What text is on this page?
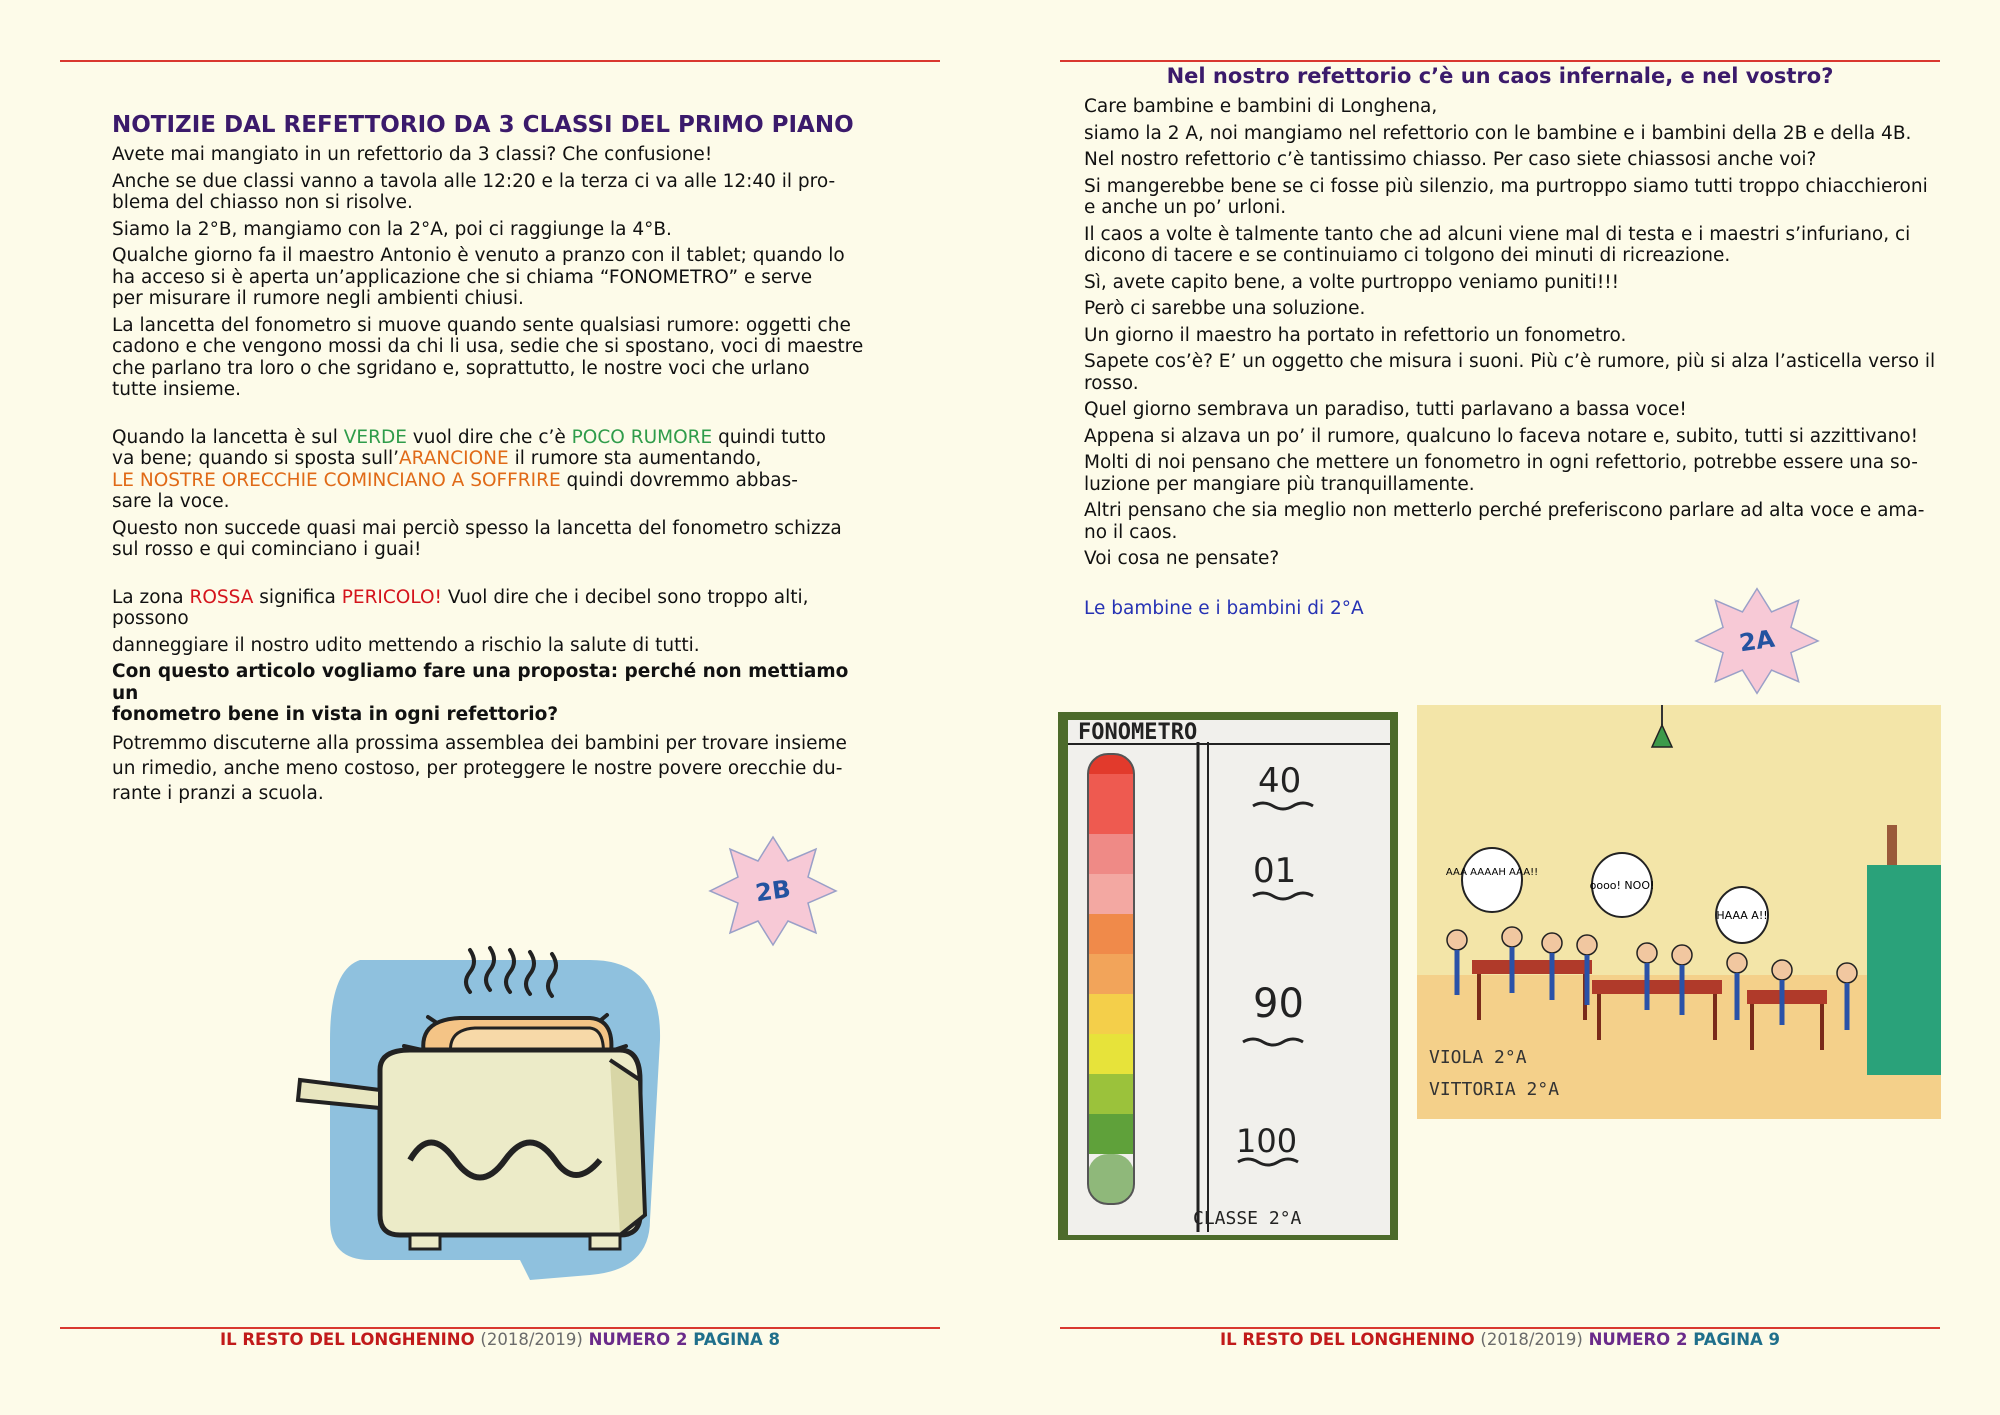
NOTIZIE DAL REFETTORIO DA 3 CLASSI DEL PRIMO PIANO

Avete mai mangiato in un refettorio da 3 classi? Che confusione!

Anche se due classi vanno a tavola alle 12:20 e la terza ci va alle 12:40 il pro-
blema del chiasso non si risolve.

Siamo la 2°B, mangiamo con la 2°A, poi ci raggiunge la 4°B.

Qualche giorno fa il maestro Antonio è venuto a pranzo con il tablet; quando lo
ha acceso si è aperta un’applicazione che si chiama “FONOMETRO” e serve
per misurare il rumore negli ambienti chiusi.

La lancetta del fonometro si muove quando sente qualsiasi rumore: oggetti che
cadono e che vengono mossi da chi li usa, sedie che si spostano, voci di maestre
che parlano tra loro o che sgridano e, soprattutto, le nostre voci che urlano
tutte insieme.

Quando la lancetta è sul VERDE vuol dire che c’è POCO RUMORE quindi tutto
va bene; quando si sposta sull’ARANCIONE il rumore sta aumentando,
LE NOSTRE ORECCHIE COMINCIANO A SOFFRIRE quindi dovremmo abbas-
sare la voce.

Questo non succede quasi mai perciò spesso la lancetta del fonometro schizza
sul rosso e qui cominciano i guai!

La zona ROSSA significa PERICOLO! Vuol dire che i decibel sono troppo alti,
possono

danneggiare il nostro udito mettendo a rischio la salute di tutti.

Con questo articolo vogliamo fare una proposta: perché non mettiamo un
fonometro bene in vista in ogni refettorio?

Potremmo discuterne alla prossima assemblea dei bambini per trovare insieme
un rimedio, anche meno costoso, per proteggere le nostre povere orecchie du-
rante i pranzi a scuola.

2B
Nel nostro refettorio c’è un caos infernale, e nel vostro?

Care bambine e bambini di Longhena,

siamo la 2 A, noi mangiamo nel refettorio con le bambine e i bambini della 2B e della 4B.

Nel nostro refettorio c’è tantissimo chiasso. Per caso siete chiassosi anche voi?

Si mangerebbe bene se ci fosse più silenzio, ma purtroppo siamo tutti troppo chiacchieroni
e anche un po’ urloni.

Il caos a volte è talmente tanto che ad alcuni viene mal di testa e i maestri s’infuriano, ci
dicono di tacere e se continuiamo ci tolgono dei minuti di ricreazione.

Sì, avete capito bene, a volte purtroppo veniamo puniti!!!

Però ci sarebbe una soluzione.

Un giorno il maestro ha portato in refettorio un fonometro.

Sapete cos’è? E’ un oggetto che misura i suoni. Più c’è rumore, più si alza l’asticella verso il
rosso.

Quel giorno sembrava un paradiso, tutti parlavano a bassa voce!

Appena si alzava un po’ il rumore, qualcuno lo faceva notare e, subito, tutti si azzittivano!

Molti di noi pensano che mettere un fonometro in ogni refettorio, potrebbe essere una so-
luzione per mangiare più tranquillamente.

Altri pensano che sia meglio non metterlo perché preferiscono parlare ad alta voce e ama-
no il caos.

Voi cosa ne pensate?

Le bambine e i bambini di 2°A

2A
FONOMETRO
40
01
90
100
CLASSE 2°A
AAA AAAAH AAA!!
oooo! NOO!
HAAA A!!
VIOLA 2°A
VITTORIA 2°A
IL RESTO DEL LONGHENINO (2018/2019) NUMERO 2 PAGINA 8	IL RESTO DEL LONGHENINO (2018/2019) NUMERO 2 PAGINA 9
